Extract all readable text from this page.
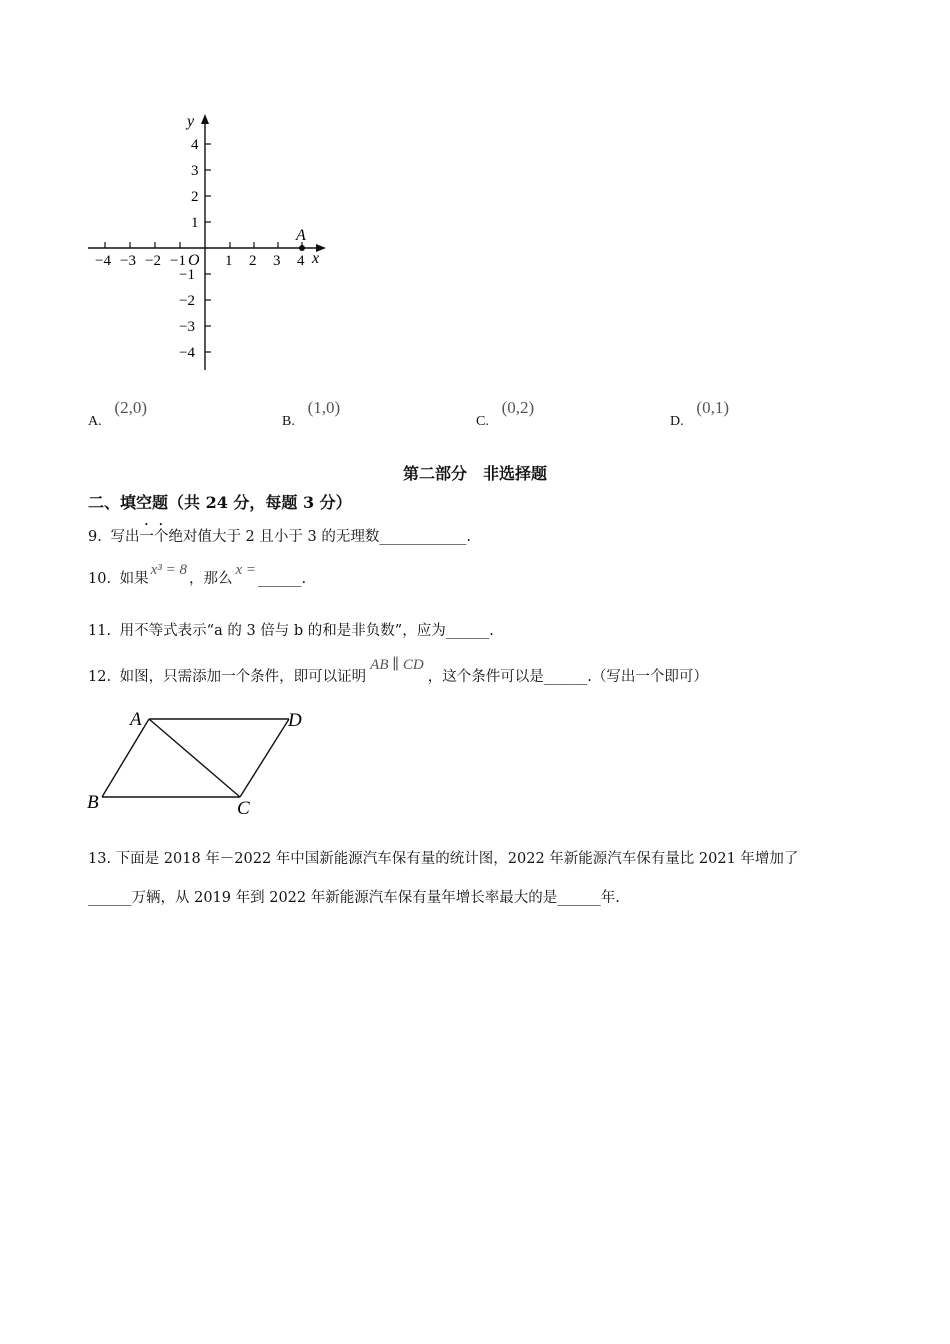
y
x
O
4
3
2
1
−1
−2
−3
−4
−4 −3 −2 −1	1 2 3 4
A
A. (2,0)
B. (1,0)
C. (0,2)
D. (0,1)
第二部分　非选择题
二、填空题（共 24 分，每题 3 分）
9. 写出一个绝对值大于 2 且小于 3 的无理数____________.
10. 如果x³ = 8，那么x =______.
11. 用不等式表示“a 的 3 倍与 b 的和是非负数”，应为______.
12. 如图，只需添加一个条件，即可以证明AB ∥ CD，这个条件可以是______.（写出一个即可）
A	D
B	C
13. 下面是 2018 年－2022 年中国新能源汽车保有量的统计图，2022 年新能源汽车保有量比 2021 年增加了
______万辆，从 2019 年到 2022 年新能源汽车保有量年增长率最大的是______年.
